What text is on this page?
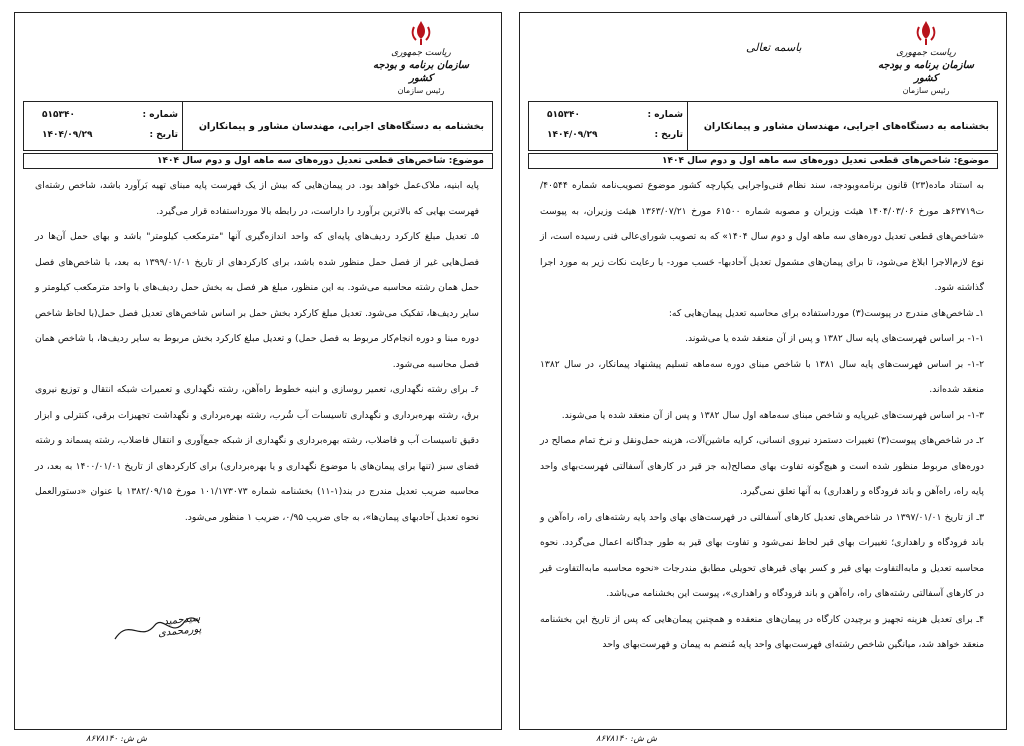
ریاست جمهوری
سازمان برنامه و بودجه کشور
رئیس سازمان
باسمه تعالی
بخشنامه به دستگاه‌های اجرایی، مهندسان مشاور و پیمانکاران
شماره :
۵۱۵۳۴۰
تاریخ :
۱۴۰۴/۰۹/۲۹
موضوع: شاخص‌های قطعی تعدیل دوره‌های سه ماهه اول و دوم سال ۱۴۰۴

به استناد ماده(۲۳) قانون برنامه‌وبودجه، سند نظام فنی‌واجرایی یکپارچه کشور موضوع تصویب‌نامه شماره ۴۰۵۴۴/ت۶۳۷۱۹هـ مورخ ۱۴۰۴/۰۳/۰۶ هیئت وزیران و مصوبه شماره ۶۱۵۰۰ مورخ ۱۳۶۳/۰۷/۲۱ هیئت وزیران، به پیوست «شاخص‌های قطعی تعدیل دوره‌های سه ماهه اول و دوم سال ۱۴۰۴» که به تصویب شورای‌عالی فنی رسیده است، از نوع لازم‌الاجرا ابلاغ می‌شود، تا برای پیمان‌های مشمول تعدیل آحادبها- حَسب مورد- با رعایت نکات زیر به مورد اجرا گذاشته شود.

۱ـ شاخص‌های مندرج در پیوست(۳) مورداستفاده برای محاسبه تعدیل پیمان‌هایی که:

۱-۱- بر اساس فهرست‌های پایه سال ۱۳۸۲ و پس از آن منعقد شده یا می‌شوند.

۱-۲- بر اساس فهرست‌های پایه سال ۱۳۸۱ با شاخص مبنای دوره سه‌ماهه تسلیم پیشنهاد پیمانکار، در سال ۱۳۸۲ منعقد شده‌اند.

۱-۳- بر اساس فهرست‌های غیرپایه و شاخص مبنای سه‌ماهه اول سال ۱۳۸۲ و پس از آن منعقد شده یا می‌شوند.

۲ـ در شاخص‌های پیوست(۳) تغییرات دستمزد نیروی انسانی، کرایه ماشین‌آلات، هزینه حمل‌ونقل و نرخ تمام مصالح در دوره‌های مربوط منظور شده است و هیچ‌گونه تفاوت بهای مصالح(به جز قیر در کارهای آسفالتی فهرست‌بهای واحد پایه راه، راه‌آهن و باند فرودگاه و راهداری) به آنها تعلق نمی‌گیرد.

۳ـ از تاریخ ۱۳۹۷/۰۱/۰۱ در شاخص‌های تعدیل کارهای آسفالتی در فهرست‌های بهای واحد پایه رشته‌های راه، راه‌آهن و باند فرودگاه و راهداری؛ تغییرات بهای قیر لحاظ نمی‌شود و تفاوت بهای قیر به طور جداگانه اعمال می‌گردد. نحوه محاسبه تعدیل و مابه‌التفاوت بهای قیر و کسر بهای قیرهای تحویلی مطابق مندرجات «نحوه محاسبه مابه‌التفاوت قیر در کارهای آسفالتی رشته‌های راه، راه‌آهن و باند فرودگاه و راهداری»، پیوست این بخشنامه می‌باشد.

۴ـ برای تعدیل هزینه تجهیز و برچیدن کارگاه در پیمان‌های منعقده و همچنین پیمان‌هایی که پس از تاریخ این بخشنامه منعقد خواهد شد، میانگین شاخص رشته‌ای فهرست‌بهای واحد پایه مُنضم به پیمان و فهرست‌بهای واحد

ریاست جمهوری
سازمان برنامه و بودجه کشور
رئیس سازمان
بخشنامه به دستگاه‌های اجرایی، مهندسان مشاور و پیمانکاران
شماره :
۵۱۵۳۴۰
تاریخ :
۱۴۰۴/۰۹/۲۹
موضوع: شاخص‌های قطعی تعدیل دوره‌های سه ماهه اول و دوم سال ۱۴۰۴

پایه ابنیه، ملاک‌عمل خواهد بود. در پیمان‌هایی که بیش از یک فهرست پایه مبنای تهیه بَرآورد باشد، شاخص رشته‌ای فهرست بهایی که بالاترین برآورد را داراست، در رابطه بالا مورداستفاده قرار می‌گیرد.

۵ـ تعدیل مبلغ کارکرد ردیف‌های پایه‌ای که واحد اندازه‌گیری آنها "مترمکعب کیلومتر" باشد و بهای حمل آن‌ها در فصل‌هایی غیر از فصل حمل منظور شده باشد، برای کارکردهای از تاریخ ۱۳۹۹/۰۱/۰۱ به بعد، با شاخص‌های فصل حمل همان رشته محاسبه می‌شود. به این منظور، مبلغ هر فصل به بخش حمل ردیف‌های با واحد مترمکعب کیلومتر و سایر ردیف‌ها، تفکیک می‌شود. تعدیل مبلغ کارکرد بخش حمل بر اساس شاخص‌های تعدیل فصل حمل(با لحاظ شاخص دوره مبنا و دوره انجام‌کار مربوط به فصل حمل) و تعدیل مبلغ کارکرد بخش مربوط به سایر ردیف‌ها، با شاخص همان فصل محاسبه می‌شود.

۶ـ برای رشته نگهداری، تعمیر روسازی و ابنیه خطوط راه‌آهن، رشته نگهداری و تعمیرات شبکه انتقال و توزیع نیروی برق، رشته بهره‌برداری و نگهداری تاسیسات آب شُرب، رشته بهره‌برداری و نگهداشت تجهیزات برقی، کنترلی و ابزار دقیق تاسیسات آب و فاضلاب، رشته بهره‌برداری و نگهداری از شبکه جمع‌آوری و انتقال فاضلاب، رشته پسماند و رشته فضای سبز (تنها برای پیمان‌های با موضوع نگهداری و یا بهره‌برداری) برای کارکردهای از تاریخ ۱۴۰۰/۰۱/۰۱ به بعد، در محاسبه ضریب تعدیل مندرج در بند(۱-۱۱) بخشنامه شماره ۱۰۱/۱۷۳۰۷۳ مورخ ۱۳۸۲/۰۹/۱۵ با عنوان «دستورالعمل نحوه تعدیل آحادبهای پیمان‌ها»، به جای ضریب ۰/۹۵، ضریب ۱ منظور می‌شود.

سیدحمید پورمحمدی
ش ش: ۸۶۷۸۱۴۰	ش ش: ۸۶۷۸۱۴۰
